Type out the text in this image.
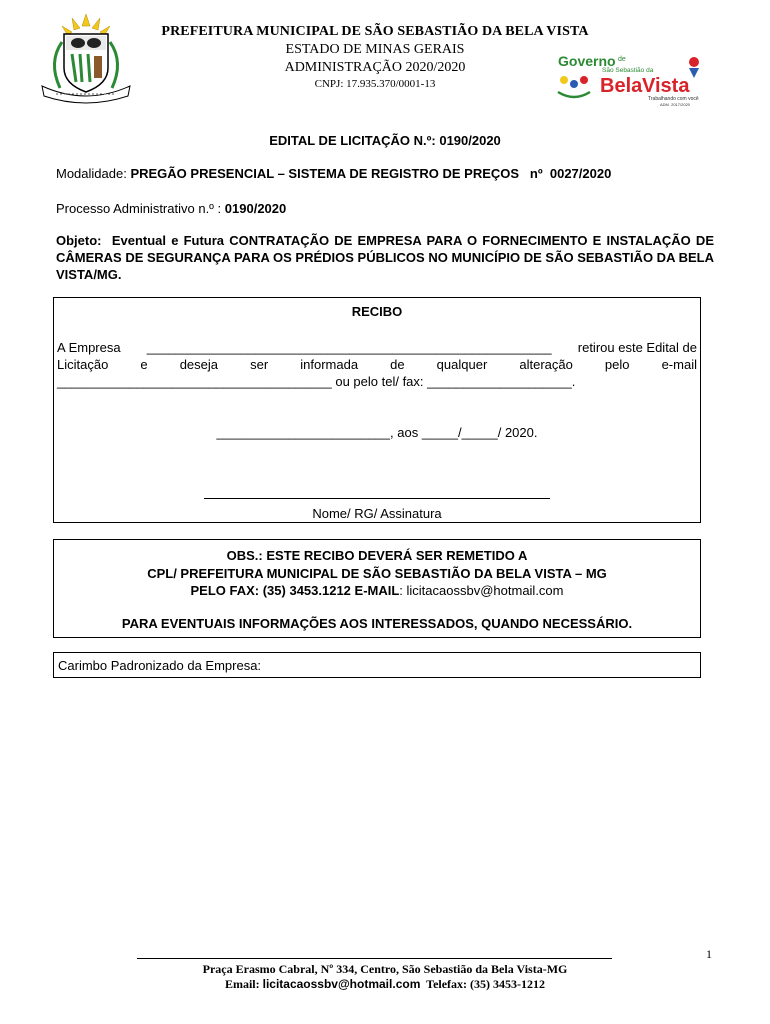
PREFEITURA MUNICIPAL DE SÃO SEBASTIÃO DA BELA VISTA
ESTADO DE MINAS GERAIS
ADMINISTRAÇÃO 2020/2020
CNPJ: 17.935.370/0001-13
Governo de
São Sebastião da
Bela Vista
Trabalhando com você
ADM. 2017/2020
EDITAL DE LICITAÇÃO N.º: 0190/2020
Modalidade: PREGÃO PRESENCIAL – SISTEMA DE REGISTRO DE PREÇOS nº 0027/2020
Processo Administrativo n.º : 0190/2020
Objeto: Eventual e Futura CONTRATAÇÃO DE EMPRESA PARA O FORNECIMENTO E INSTALAÇÃO DE CÂMERAS DE SEGURANÇA PARA OS PRÉDIOS PÚBLICOS NO MUNICÍPIO DE SÃO SEBASTIÃO DA BELA VISTA/MG.
RECIBO
A Empresa ________________________________________________________ retirou este Edital de
Licitação e deseja ser informada de qualquer alteração pelo e-mail
______________________________________ ou pelo tel/ fax: ____________________.
________________________, aos _____/_____/ 2020.
Nome/ RG/ Assinatura
OBS.: ESTE RECIBO DEVERÁ SER REMETIDO A
CPL/ PREFEITURA MUNICIPAL DE SÃO SEBASTIÃO DA BELA VISTA – MG
PELO FAX: (35) 3453.1212 E-MAIL: licitacaossbv@hotmail.com
PARA EVENTUAIS INFORMAÇÕES AOS INTERESSADOS, QUANDO NECESSÁRIO.
Carimbo Padronizado da Empresa:
1
Praça Erasmo Cabral, Nº 334, Centro, São Sebastião da Bela Vista-MG
Email: licitacaossbv@hotmail.com Telefax: (35) 3453-1212
